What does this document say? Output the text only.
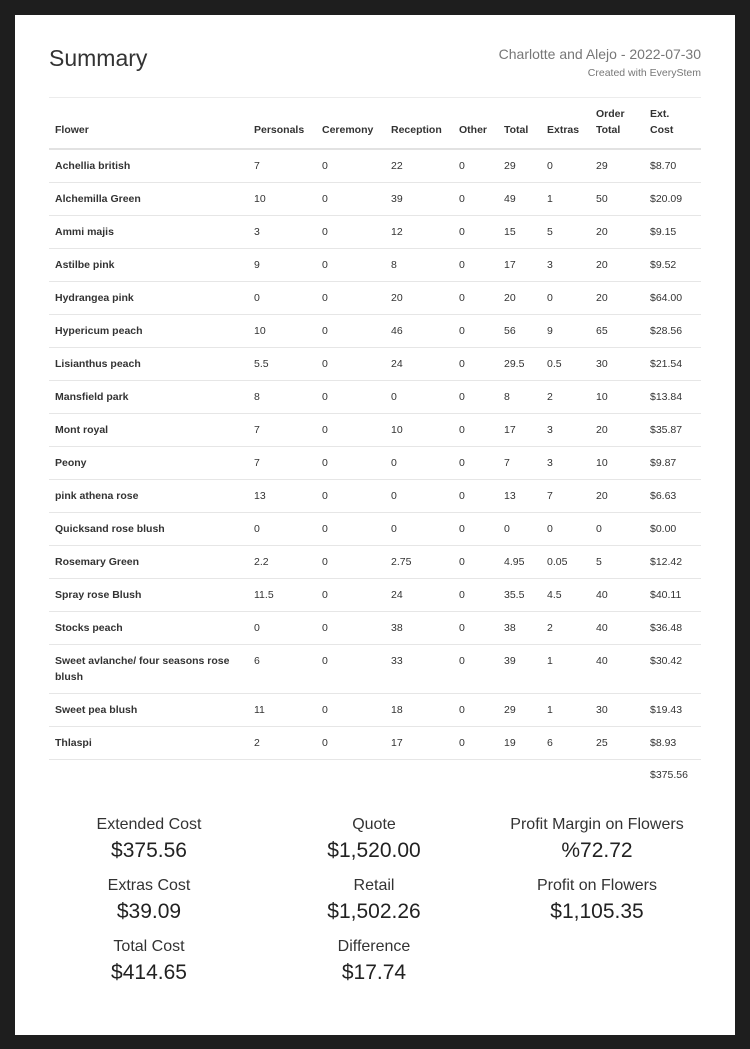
Summary	Charlotte and Alejo - 2022-07-30
Created with EveryStem
Flower	Personals	Ceremony	Reception	Other	Total	Extras	Order Total	Ext. Cost
Achellia british	7	0	22	0	29	0	29	$8.70
Alchemilla Green	10	0	39	0	49	1	50	$20.09
Ammi majis	3	0	12	0	15	5	20	$9.15
Astilbe pink	9	0	8	0	17	3	20	$9.52
Hydrangea pink	0	0	20	0	20	0	20	$64.00
Hypericum peach	10	0	46	0	56	9	65	$28.56
Lisianthus peach	5.5	0	24	0	29.5	0.5	30	$21.54
Mansfield park	8	0	0	0	8	2	10	$13.84
Mont royal	7	0	10	0	17	3	20	$35.87
Peony	7	0	0	0	7	3	10	$9.87
pink athena rose	13	0	0	0	13	7	20	$6.63
Quicksand rose blush	0	0	0	0	0	0	0	$0.00
Rosemary Green	2.2	0	2.75	0	4.95	0.05	5	$12.42
Spray rose Blush	11.5	0	24	0	35.5	4.5	40	$40.11
Stocks peach	0	0	38	0	38	2	40	$36.48
Sweet avlanche/ four seasons rose blush	6	0	33	0	39	1	40	$30.42
Sweet pea blush	11	0	18	0	29	1	30	$19.43
Thlaspi	2	0	17	0	19	6	25	$8.93
								$375.56
Extended Cost
$375.56
Extras Cost
$39.09
Total Cost
$414.65
Quote
$1,520.00
Retail
$1,502.26
Difference
$17.74
Profit Margin on Flowers
%72.72
Profit on Flowers
$1,105.35
